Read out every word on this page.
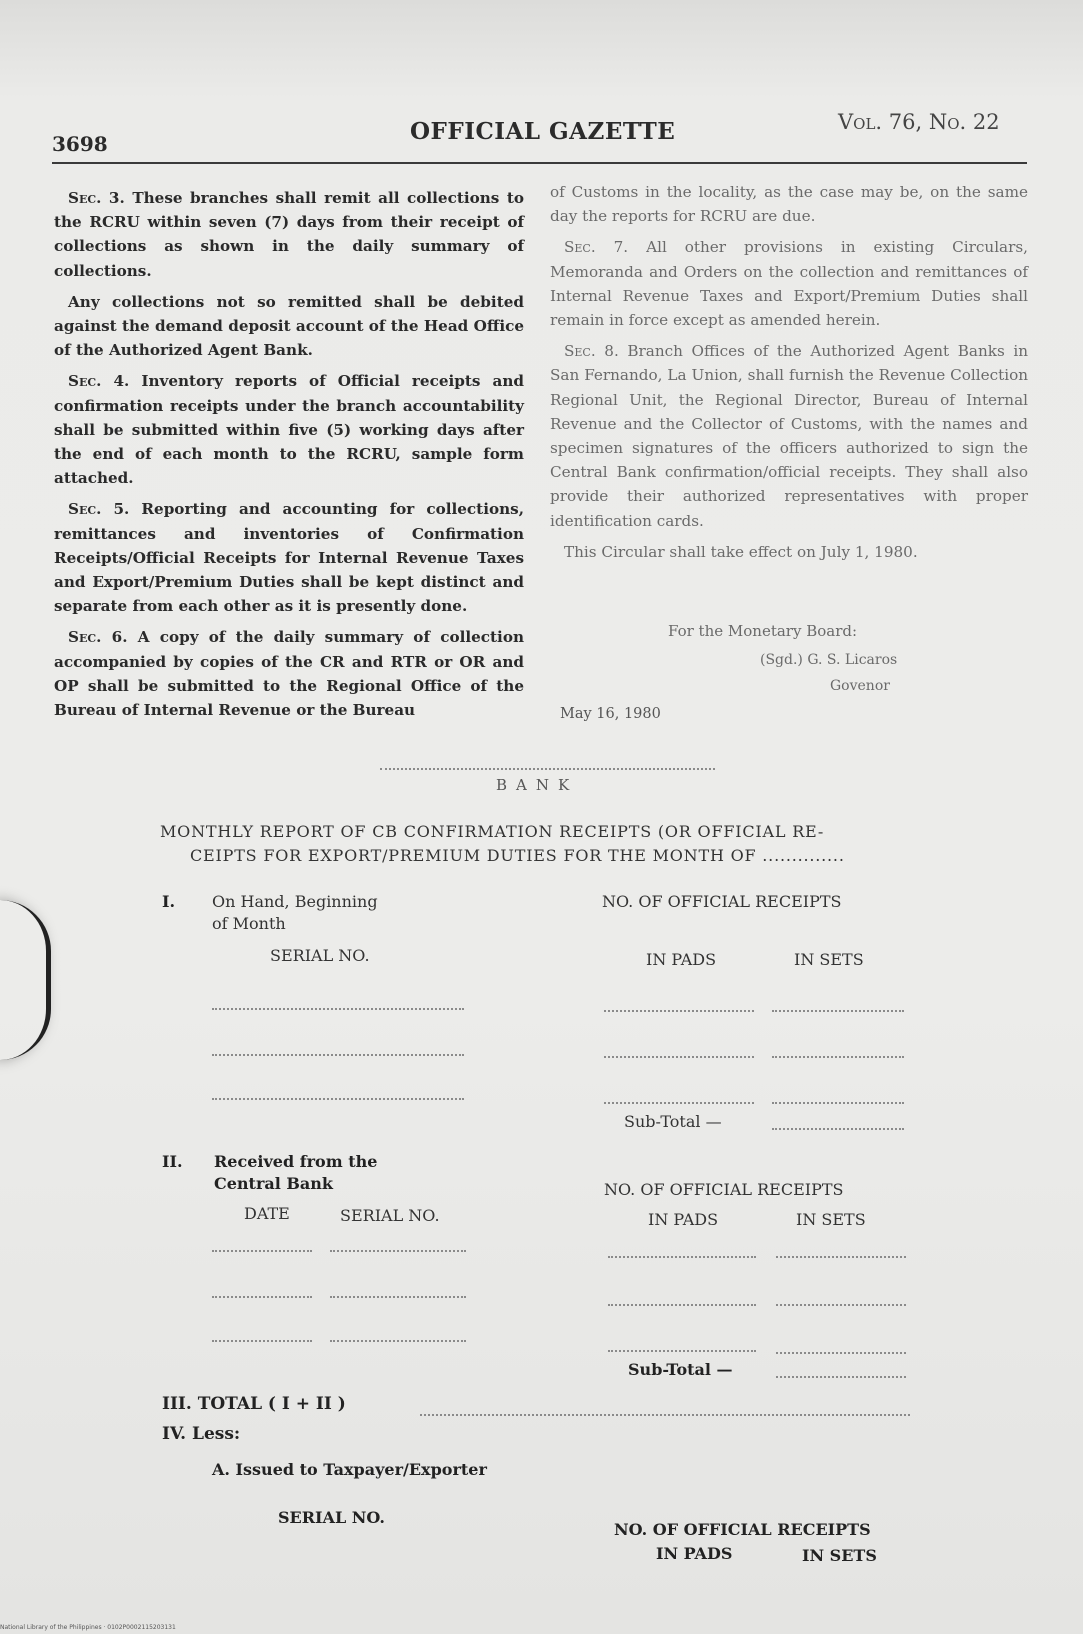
3698	OFFICIAL GAZETTE	Vol. 76, No. 22

Sec. 3. These branches shall remit all collections to the RCRU within seven (7) days from their receipt of collections as shown in the daily summary of collections.

Any collections not so remitted shall be debited against the demand deposit account of the Head Office of the Authorized Agent Bank.

Sec. 4. Inventory reports of Official receipts and confirmation receipts under the branch accountability shall be submitted within five (5) working days after the end of each month to the RCRU, sample form attached.

Sec. 5. Reporting and accounting for collections, remittances and inventories of Confirmation Receipts/Official Receipts for Internal Revenue Taxes and Export/Premium Duties shall be kept distinct and separate from each other as it is presently done.

Sec. 6. A copy of the daily summary of collection accompanied by copies of the CR and RTR or OR and OP shall be submitted to the Regional Office of the Bureau of Internal Revenue or the Bureau

of Customs in the locality, as the case may be, on the same day the reports for RCRU are due.

Sec. 7. All other provisions in existing Circulars, Memoranda and Orders on the collection and remittances of Internal Revenue Taxes and Export/Premium Duties shall remain in force except as amended herein.

Sec. 8. Branch Offices of the Authorized Agent Banks in San Fernando, La Union, shall furnish the Revenue Collection Regional Unit, the Regional Director, Bureau of Internal Revenue and the Collector of Customs, with the names and specimen signatures of the officers authorized to sign the Central Bank confirmation/official receipts. They shall also provide their authorized representatives with proper identification cards.

This Circular shall take effect on July 1, 1980.

For the Monetary Board:
(Sgd.) G. S. Licaros
Govenor
May 16, 1980
BANK
MONTHLY REPORT OF CB CONFIRMATION RECEIPTS (OR OFFICIAL RE-
CEIPTS FOR EXPORT/PREMIUM DUTIES FOR THE MONTH OF ..............
I. On Hand, Beginning
of Month
NO. OF OFFICIAL RECEIPTS
SERIAL NO.	IN PADS	IN SETS
Sub-Total —
II. Received from the
Central Bank	NO. OF OFFICIAL RECEIPTS
DATE	SERIAL NO.	IN PADS	IN SETS
Sub-Total —
III. TOTAL ( I + II )
IV. Less:
A. Issued to Taxpayer/Exporter
SERIAL NO.
NO. OF OFFICIAL RECEIPTS
IN PADS	IN SETS
National Library of the Philippines · 0102P0002115203131
